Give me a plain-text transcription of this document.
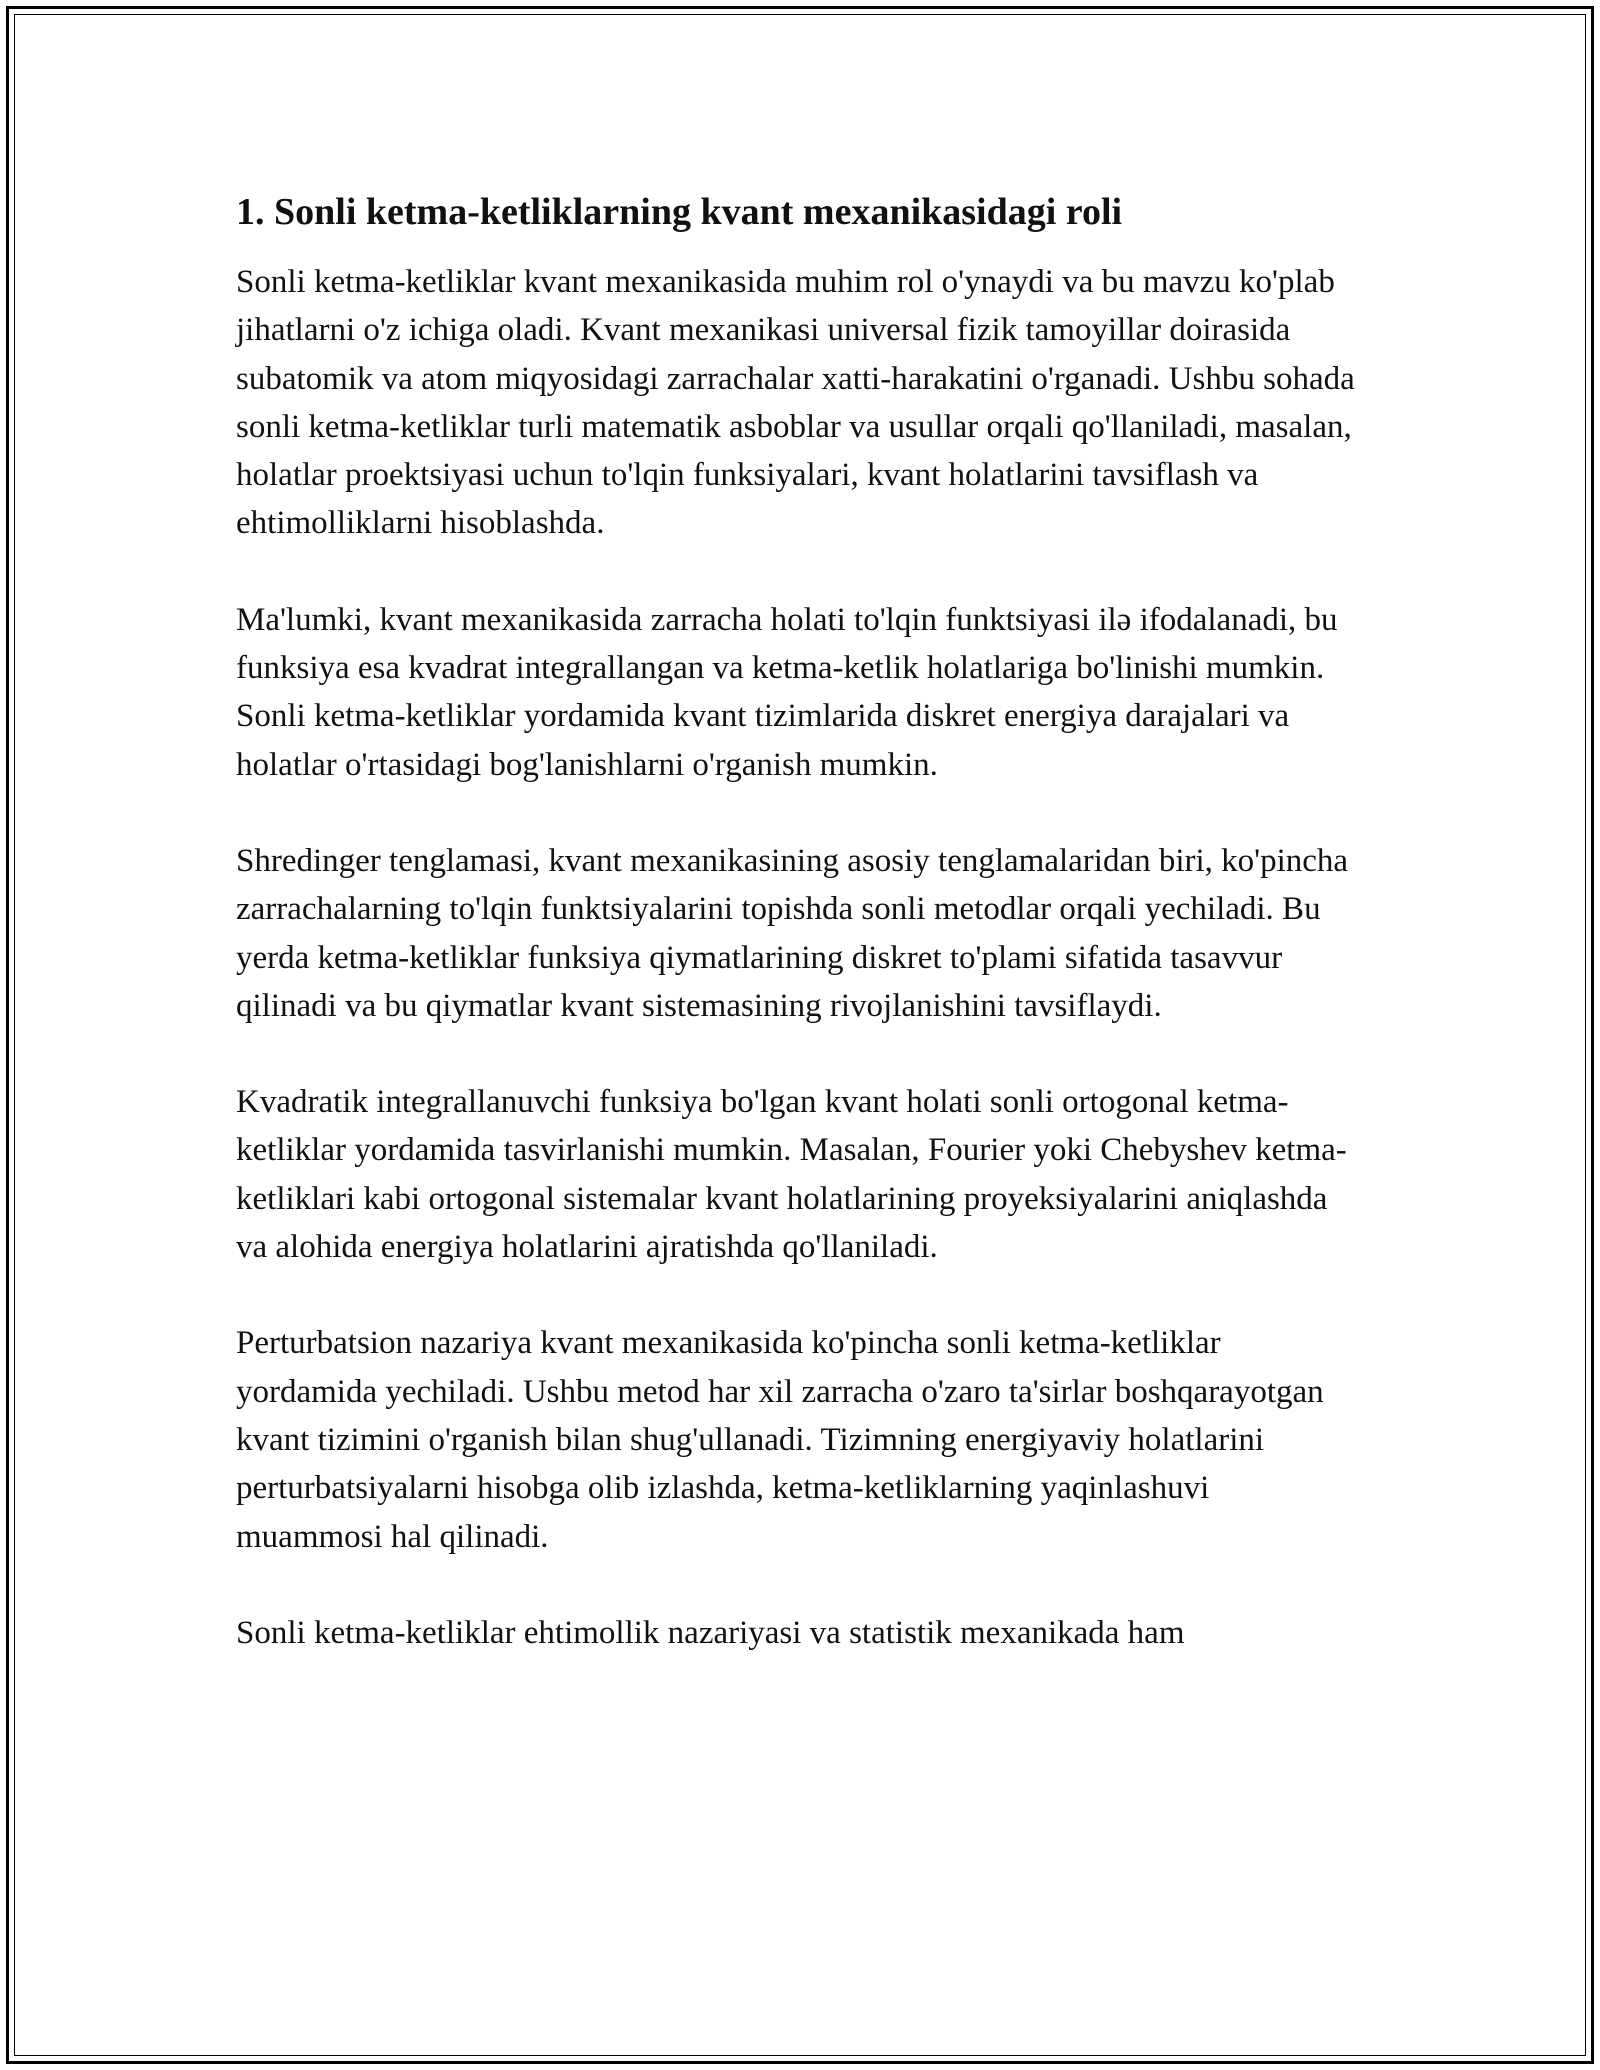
1. Sonli ketma-ketliklarning kvant mexanikasidagi roli

Sonli ketma-ketliklar kvant mexanikasida muhim rol o'ynaydi va bu mavzu ko'plab jihatlarni o'z ichiga oladi. Kvant mexanikasi universal fizik tamoyillar doirasida subatomik va atom miqyosidagi zarrachalar xatti-harakatini o'rganadi. Ushbu sohada sonli ketma-ketliklar turli matematik asboblar va usullar orqali qo'llaniladi, masalan, holatlar proektsiyasi uchun to'lqin funksiyalari, kvant holatlarini tavsiflash va ehtimolliklarni hisoblashda.

Ma'lumki, kvant mexanikasida zarracha holati to'lqin funktsiyasi ilə ifodalanadi, bu funksiya esa kvadrat integrallangan va ketma-ketlik holatlariga bo'linishi mumkin. Sonli ketma-ketliklar yordamida kvant tizimlarida diskret energiya darajalari va holatlar o'rtasidagi bog'lanishlarni o'rganish mumkin.

Shredinger tenglamasi, kvant mexanikasining asosiy tenglamalaridan biri, ko'pincha zarrachalarning to'lqin funktsiyalarini topishda sonli metodlar orqali yechiladi. Bu yerda ketma-ketliklar funksiya qiymatlarining diskret to'plami sifatida tasavvur qilinadi va bu qiymatlar kvant sistemasining rivojlanishini tavsiflaydi.

Kvadratik integrallanuvchi funksiya bo'lgan kvant holati sonli ortogonal ketma-ketliklar yordamida tasvirlanishi mumkin. Masalan, Fourier yoki Chebyshev ketma-ketliklari kabi ortogonal sistemalar kvant holatlarining proyeksiyalarini aniqlashda va alohida energiya holatlarini ajratishda qo'llaniladi.

Perturbatsion nazariya kvant mexanikasida ko'pincha sonli ketma-ketliklar yordamida yechiladi. Ushbu metod har xil zarracha o'zaro ta'sirlar boshqarayotgan kvant tizimini o'rganish bilan shug'ullanadi. Tizimning energiyaviy holatlarini perturbatsiyalarni hisobga olib izlashda, ketma-ketliklarning yaqinlashuvi muammosi hal qilinadi.

Sonli ketma-ketliklar ehtimollik nazariyasi va statistik mexanikada ham
